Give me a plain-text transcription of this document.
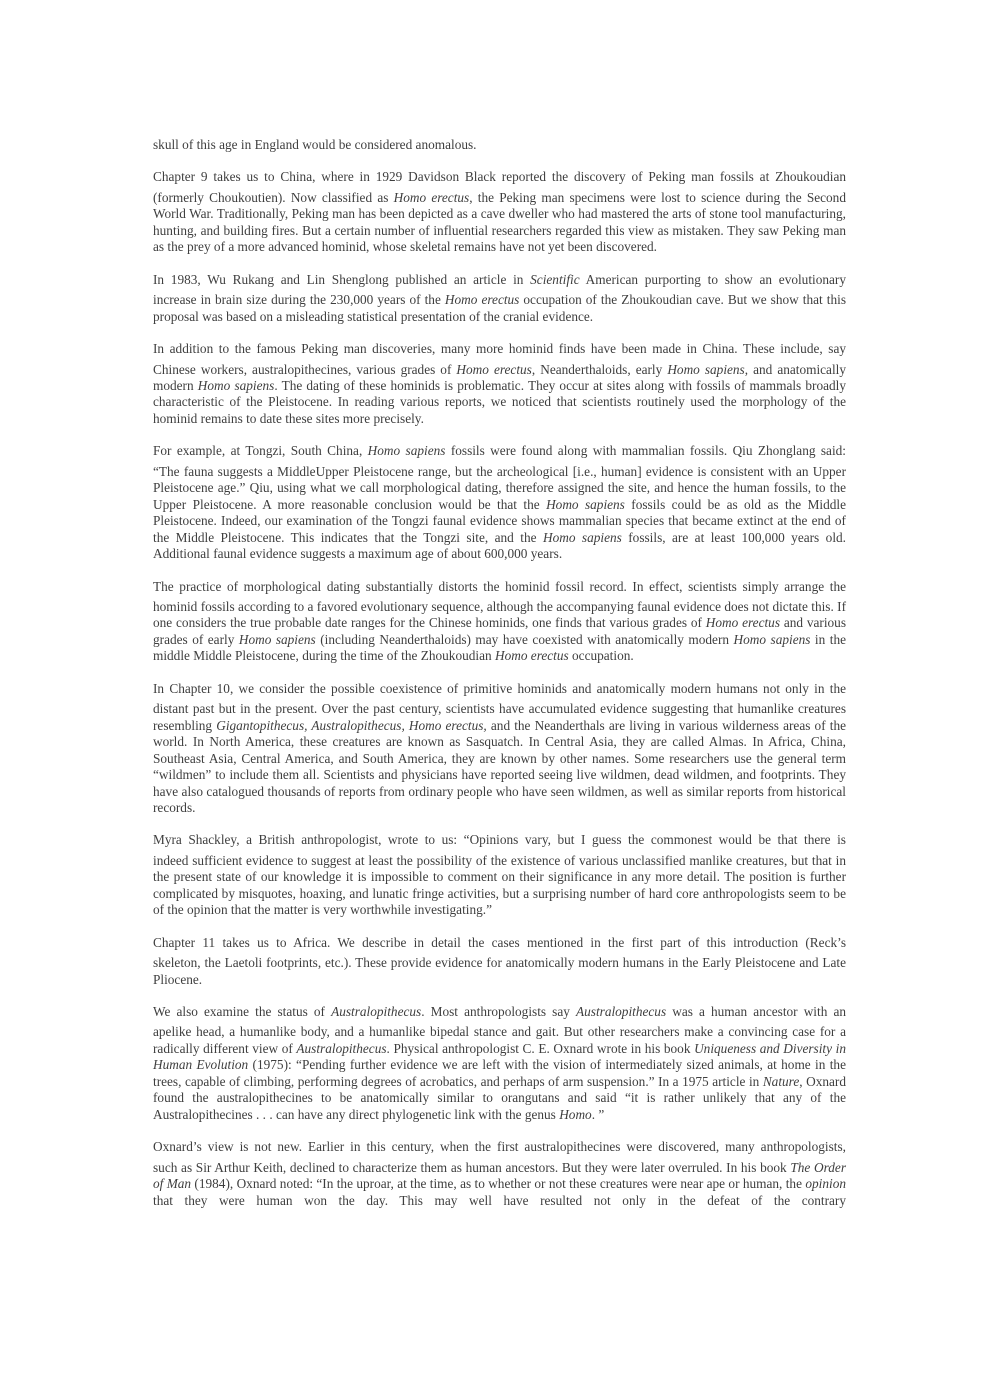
skull of this age in England would be considered anomalous.
Chapter 9 takes us to China, where in 1929 Davidson Black reported the discovery of Peking man fossils at Zhoukoudian
(formerly Choukoutien). Now classified as Homo erectus, the Peking man specimens were lost to science during the Second World War. Traditionally, Peking man has been depicted as a cave dweller who had mastered the arts of stone tool manufacturing, hunting, and building fires. But a certain number of influential researchers regarded this view as mistaken. They saw Peking man as the prey of a more advanced hominid, whose skeletal remains have not yet been discovered.
In 1983, Wu Rukang and Lin Shenglong published an article in Scientific American purporting to show an evolutionary
increase in brain size during the 230,000 years of the Homo erectus occupation of the Zhoukoudian cave. But we show that this proposal was based on a misleading statistical presentation of the cranial evidence.
In addition to the famous Peking man discoveries, many more hominid finds have been made in China. These include, say
Chinese workers, australopithecines, various grades of Homo erectus, Neanderthaloids, early Homo sapiens, and anatomically modern Homo sapiens. The dating of these hominids is problematic. They occur at sites along with fossils of mammals broadly characteristic of the Pleistocene. In reading various reports, we noticed that scientists routinely used the morphology of the hominid remains to date these sites more precisely.
For example, at Tongzi, South China, Homo sapiens fossils were found along with mammalian fossils. Qiu Zhonglang said:
“The fauna suggests a MiddleUpper Pleistocene range, but the archeological [i.e., human] evidence is consistent with an Upper Pleistocene age.” Qiu, using what we call morphological dating, therefore assigned the site, and hence the human fossils, to the Upper Pleistocene. A more reasonable conclusion would be that the Homo sapiens fossils could be as old as the Middle Pleistocene. Indeed, our examination of the Tongzi faunal evidence shows mammalian species that became extinct at the end of the Middle Pleistocene. This indicates that the Tongzi site, and the Homo sapiens fossils, are at least 100,000 years old. Additional faunal evidence suggests a maximum age of about 600,000 years.
The practice of morphological dating substantially distorts the hominid fossil record. In effect, scientists simply arrange the
hominid fossils according to a favored evolutionary sequence, although the accompanying faunal evidence does not dictate this. If one considers the true probable date ranges for the Chinese hominids, one finds that various grades of Homo erectus and various grades of early Homo sapiens (including Neanderthaloids) may have coexisted with anatomically modern Homo sapiens in the middle Middle Pleistocene, during the time of the Zhoukoudian Homo erectus occupation.
In Chapter 10, we consider the possible coexistence of primitive hominids and anatomically modern humans not only in the
distant past but in the present. Over the past century, scientists have accumulated evidence suggesting that humanlike creatures resembling Gigantopithecus, Australopithecus, Homo erectus, and the Neanderthals are living in various wilderness areas of the world. In North America, these creatures are known as Sasquatch. In Central Asia, they are called Almas. In Africa, China, Southeast Asia, Central America, and South America, they are known by other names. Some researchers use the general term “wildmen” to include them all. Scientists and physicians have reported seeing live wildmen, dead wildmen, and footprints. They have also catalogued thousands of reports from ordinary people who have seen wildmen, as well as similar reports from historical records.
Myra Shackley, a British anthropologist, wrote to us: “Opinions vary, but I guess the commonest would be that there is
indeed sufficient evidence to suggest at least the possibility of the existence of various unclassified manlike creatures, but that in the present state of our knowledge it is impossible to comment on their significance in any more detail. The position is further complicated by misquotes, hoaxing, and lunatic fringe activities, but a surprising number of hard core anthropologists seem to be of the opinion that the matter is very worthwhile investigating.”
Chapter 11 takes us to Africa. We describe in detail the cases mentioned in the first part of this introduction (Reck’s
skeleton, the Laetoli footprints, etc.). These provide evidence for anatomically modern humans in the Early Pleistocene and Late Pliocene.
We also examine the status of Australopithecus. Most anthropologists say Australopithecus was a human ancestor with an
apelike head, a humanlike body, and a humanlike bipedal stance and gait. But other researchers make a convincing case for a radically different view of Australopithecus. Physical anthropologist C. E. Oxnard wrote in his book Uniqueness and Diversity in Human Evolution (1975): “Pending further evidence we are left with the vision of intermediately sized animals, at home in the trees, capable of climbing, performing degrees of acrobatics, and perhaps of arm suspension.” In a 1975 article in Nature, Oxnard found the australopithecines to be anatomically similar to orangutans and said “it is rather unlikely that any of the Australopithecines . . . can have any direct phylogenetic link with the genus Homo. ”
Oxnard’s view is not new. Earlier in this century, when the first australopithecines were discovered, many anthropologists,
such as Sir Arthur Keith, declined to characterize them as human ancestors. But they were later overruled. In his book The Order of Man (1984), Oxnard noted: “In the uproar, at the time, as to whether or not these creatures were near ape or human, the opinion that they were human won the day. This may well have resulted not only in the defeat of the contrary
